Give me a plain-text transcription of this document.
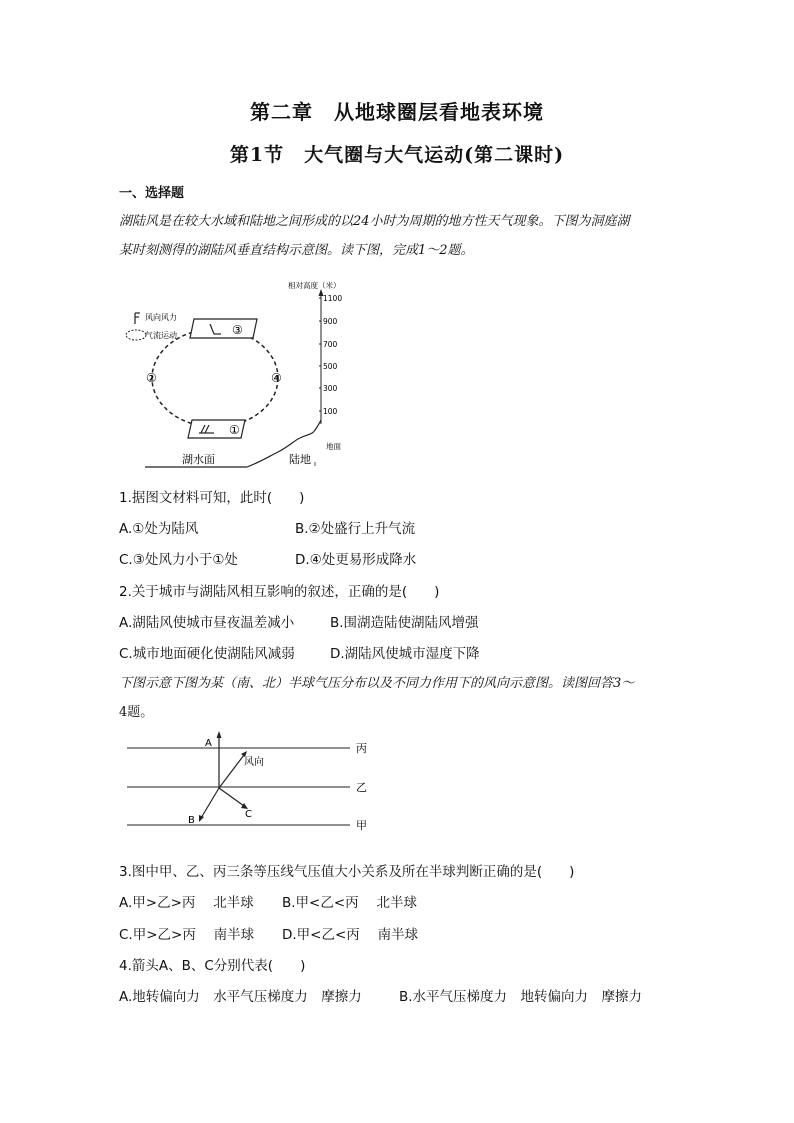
第二章　从地球圈层看地表环境
第1节　大气圈与大气运动(第二课时)
一、选择题
湖陆风是在较大水域和陆地之间形成的以24小时为周期的地方性天气现象。下图为洞庭湖
某时刻测得的湖陆风垂直结构示意图。读下图，完成1～2题。
风向风力
气流运动	③
①
②	④
相对高度（米）
1100
900
700
500
300
100
湖水面	陆地
地面
1.据图文材料可知，此时(　　)
A.①处为陆风	B.②处盛行上升气流
C.③处风力小于①处	D.④处更易形成降水
2.关于城市与湖陆风相互影响的叙述，正确的是(　　)
A.湖陆风使城市昼夜温差减小	B.围湖造陆使湖陆风增强
C.城市地面硬化使湖陆风减弱	D.湖陆风使城市湿度下降
下图示意下图为某（南、北）半球气压分布以及不同力作用下的风向示意图。读图回答3～
4题。
丙
乙
甲
A
风向
B
C
3.图中甲、乙、丙三条等压线气压值大小关系及所在半球判断正确的是(　　)
A.甲>乙>丙　 北半球 B.甲<乙<丙　 北半球
C.甲>乙>丙　 南半球 D.甲<乙<丙　 南半球
4.箭头A、B、C分别代表(　　)
A.地转偏向力　水平气压梯度力　摩擦力	B.水平气压梯度力　地转偏向力　摩擦力
